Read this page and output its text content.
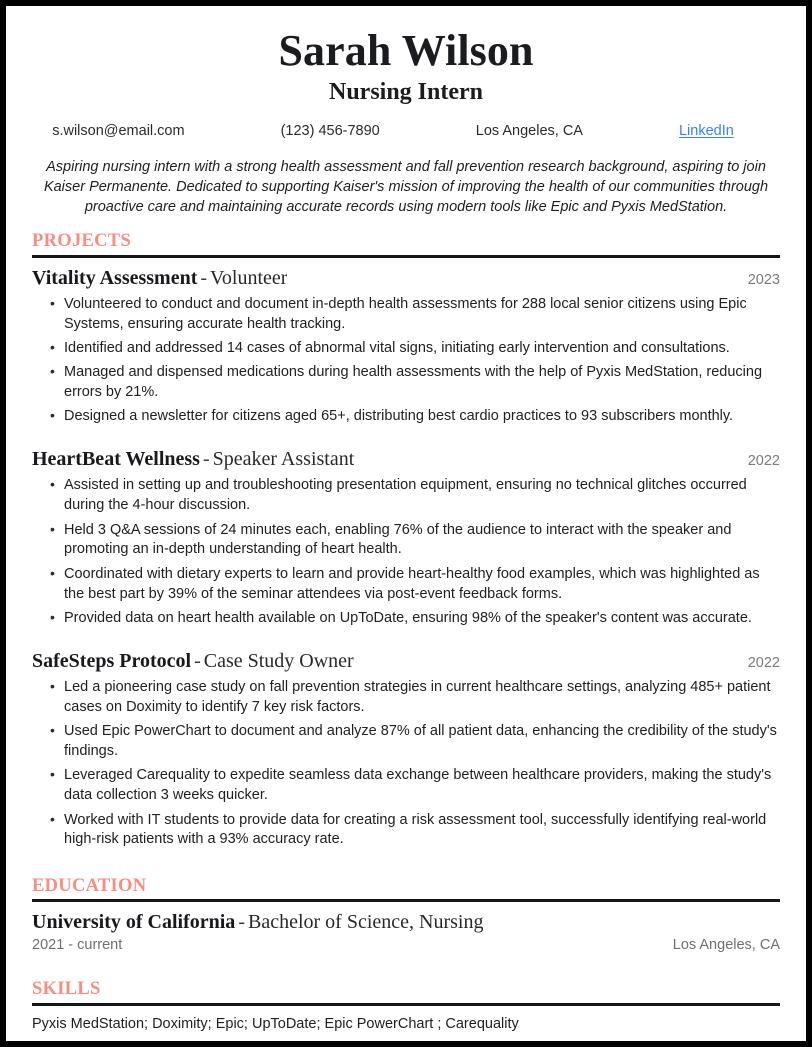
Sarah Wilson
Nursing Intern
s.wilson@email.com	(123) 456-7890	Los Angeles, CA	LinkedIn

Aspiring nursing intern with a strong health assessment and fall prevention research background, aspiring to join Kaiser Permanente. Dedicated to supporting Kaiser's mission of improving the health of our communities through proactive care and maintaining accurate records using modern tools like Epic and Pyxis MedStation.

PROJECTS
Vitality Assessment - Volunteer	2023
• Volunteered to conduct and document in-depth health assessments for 288 local senior citizens using Epic Systems, ensuring accurate health tracking.
• Identified and addressed 14 cases of abnormal vital signs, initiating early intervention and consultations.
• Managed and dispensed medications during health assessments with the help of Pyxis MedStation, reducing errors by 21%.
• Designed a newsletter for citizens aged 65+, distributing best cardio practices to 93 subscribers monthly.
HeartBeat Wellness - Speaker Assistant	2022
• Assisted in setting up and troubleshooting presentation equipment, ensuring no technical glitches occurred during the 4-hour discussion.
• Held 3 Q&A sessions of 24 minutes each, enabling 76% of the audience to interact with the speaker and promoting an in-depth understanding of heart health.
• Coordinated with dietary experts to learn and provide heart-healthy food examples, which was highlighted as the best part by 39% of the seminar attendees via post-event feedback forms.
• Provided data on heart health available on UpToDate, ensuring 98% of the speaker's content was accurate.
SafeSteps Protocol - Case Study Owner	2022
• Led a pioneering case study on fall prevention strategies in current healthcare settings, analyzing 485+ patient cases on Doximity to identify 7 key risk factors.
• Used Epic PowerChart to document and analyze 87% of all patient data, enhancing the credibility of the study's findings.
• Leveraged Carequality to expedite seamless data exchange between healthcare providers, making the study's data collection 3 weeks quicker.
• Worked with IT students to provide data for creating a risk assessment tool, successfully identifying real-world high-risk patients with a 93% accuracy rate.
EDUCATION
University of California - Bachelor of Science, Nursing
2021 - current	Los Angeles, CA
SKILLS
Pyxis MedStation; Doximity; Epic; UpToDate; Epic PowerChart ; Carequality
